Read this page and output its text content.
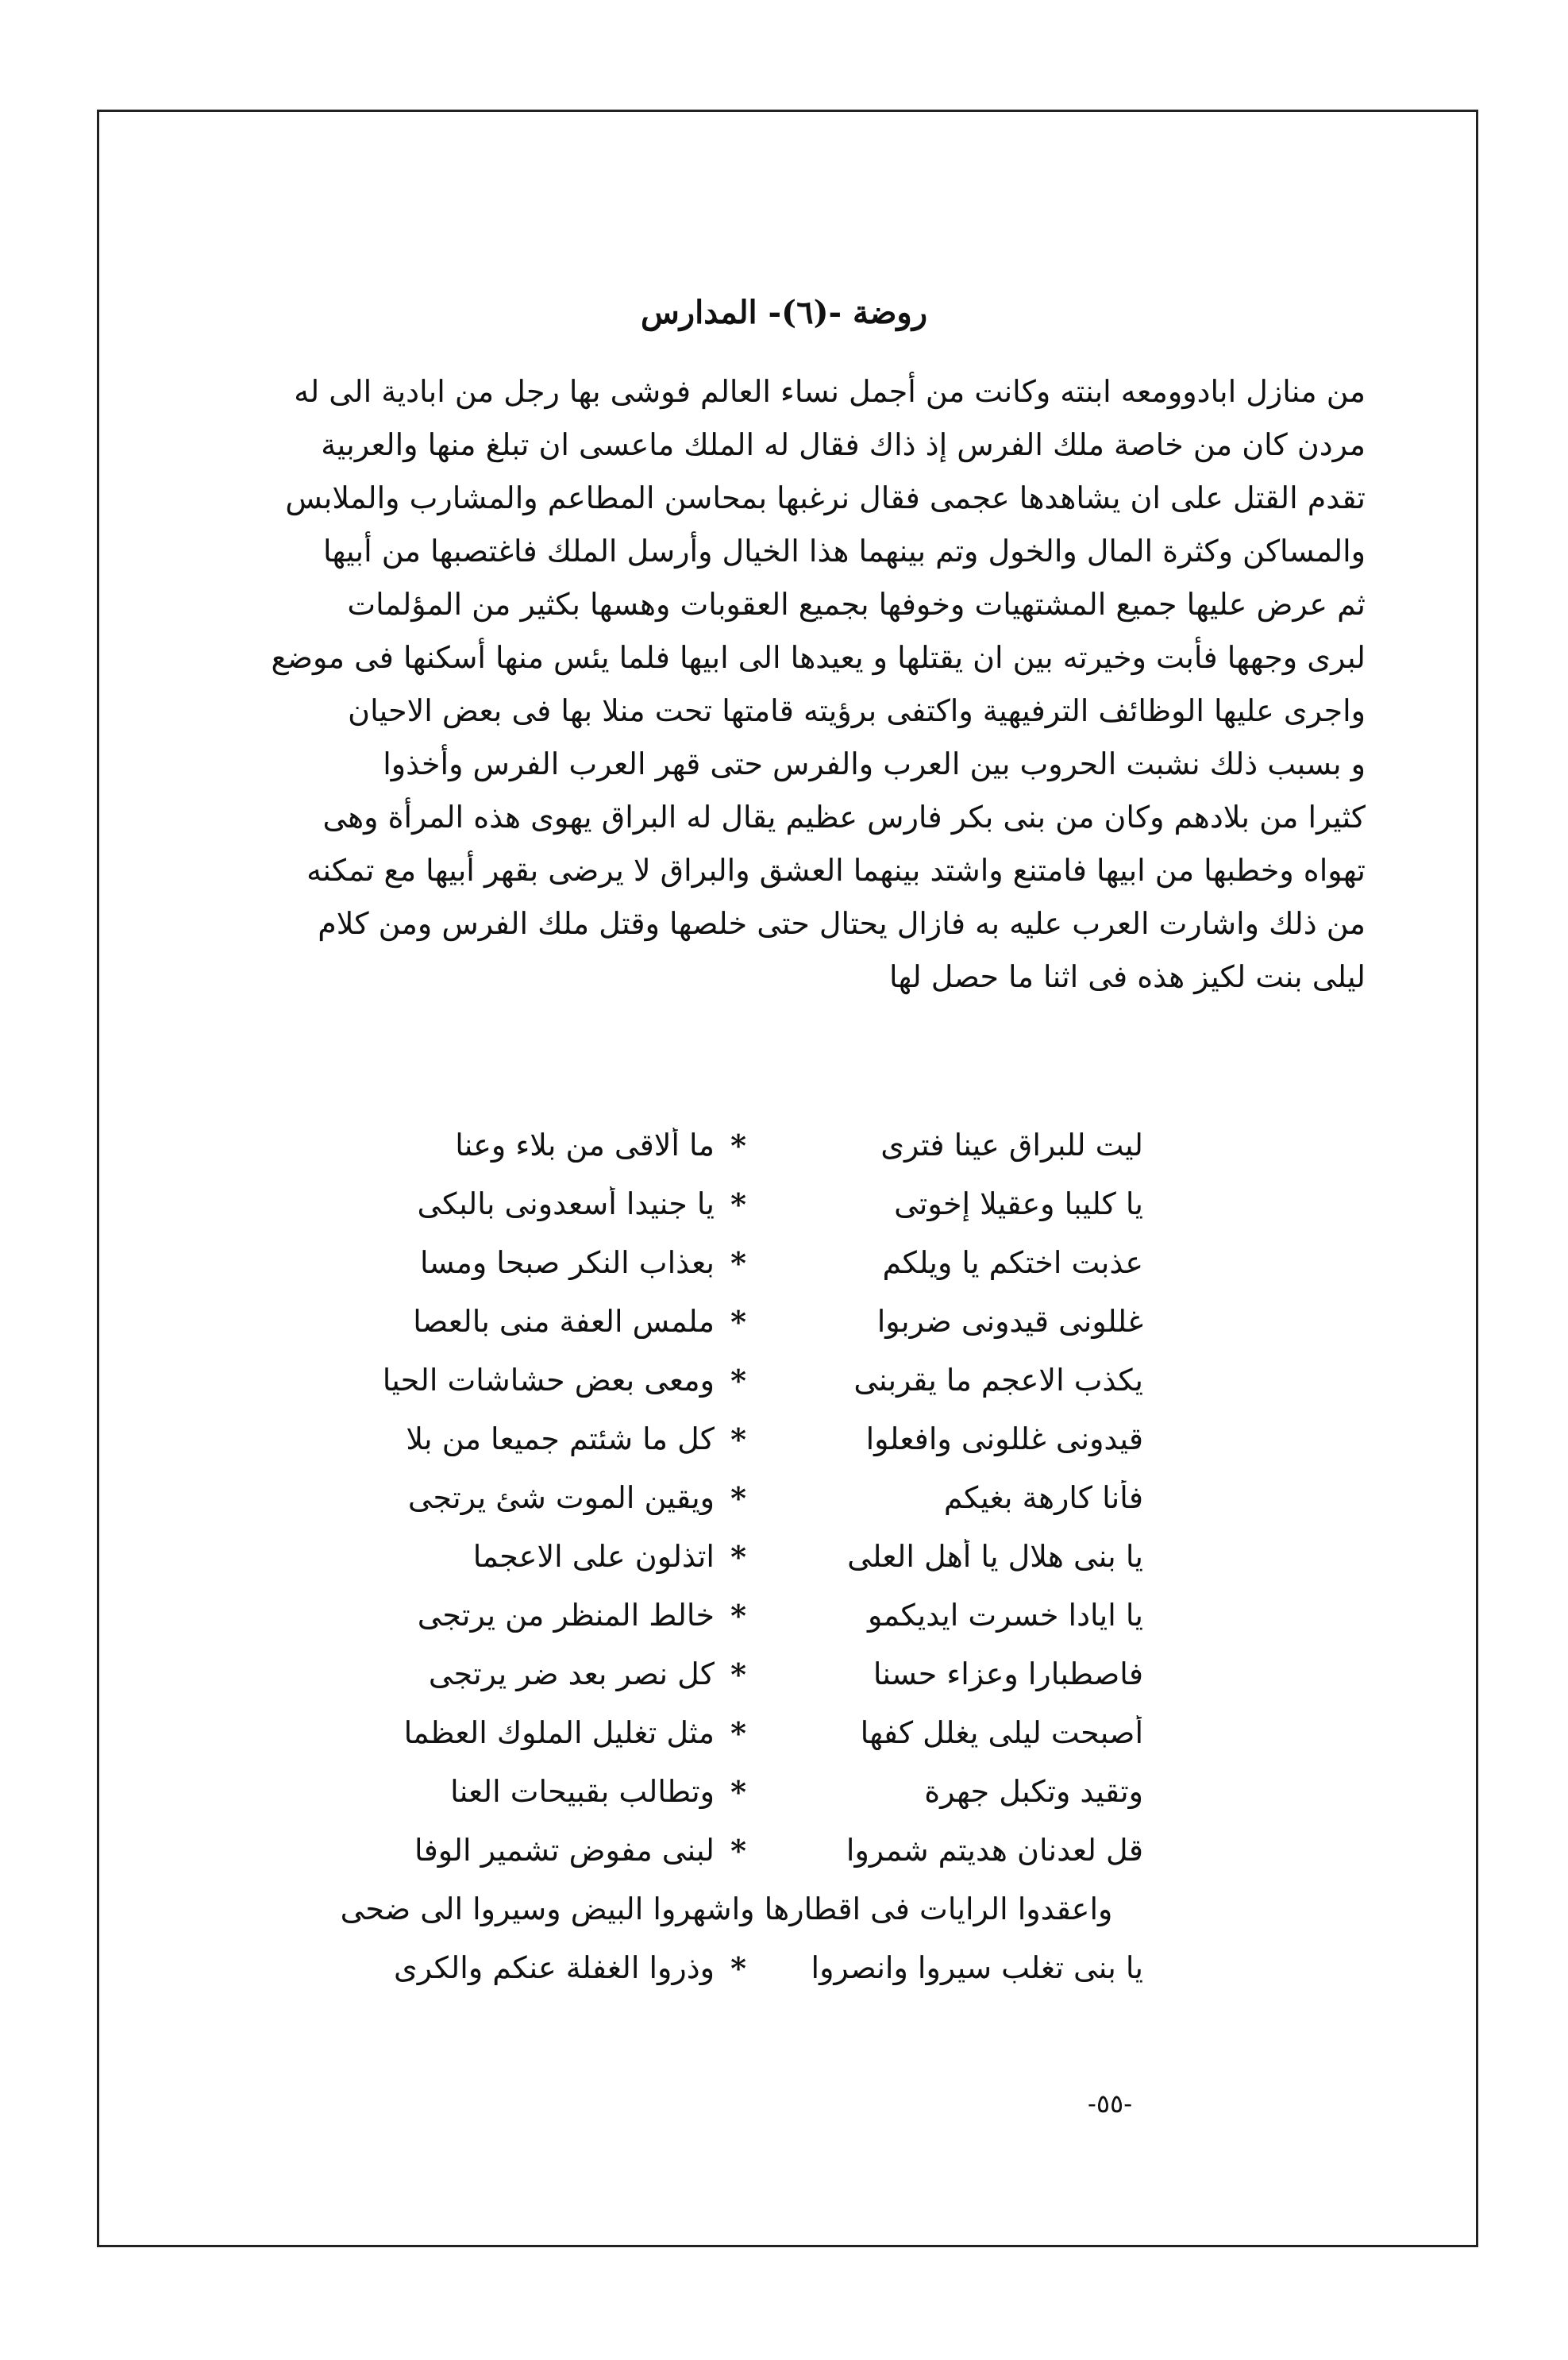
روضة -(٦)- المدارس
من منازل ابادوومعه ابنته وكانت من أجمل نساء العالم فوشى بها رجل من ابادية الى له
مردن كان من خاصة ملك الفرس إذ ذاك فقال له الملك ماعسى ان تبلغ منها والعربية
تقدم القتل على ان يشاهدها عجمى فقال نرغبها بمحاسن المطاعم والمشارب والملابس
والمساكن وكثرة المال والخول وتم بينهما هذا الخيال وأرسل الملك فاغتصبها من أبيها
ثم عرض عليها جميع المشتهيات وخوفها بجميع العقوبات وهسها بكثير من المؤلمات
لبرى وجهها فأبت وخيرته بين ان يقتلها و يعيدها الى ابيها فلما يئس منها أسكنها فى موضع
واجرى عليها الوظائف الترفيهية واكتفى برؤيته قامتها تحت منلا بها فى بعض الاحيان
و بسبب ذلك نشبت الحروب بين العرب والفرس حتى قهر العرب الفرس وأخذوا
كثيرا من بلادهم وكان من بنى بكر فارس عظيم يقال له البراق يهوى هذه المرأة وهى
تهواه وخطبها من ابيها فامتنع واشتد بينهما العشق والبراق لا يرضى بقهر أبيها مع تمكنه
من ذلك واشارت العرب عليه به فازال يحتال حتى خلصها وقتل ملك الفرس ومن كلام
ليلى بنت لكيز هذه فى اثنا ما حصل لها
ليت للبراق عينا فترى
*
ما ألاقى من بلاء وعنا
يا كليبا وعقيلا إخوتى
*
يا جنيدا أسعدونى بالبكى
عذبت اختكم يا ويلكم
*
بعذاب النكر صبحا ومسا
غللونى قيدونى ضربوا
*
ملمس العفة منى بالعصا
يكذب الاعجم ما يقربنى
*
ومعى بعض حشاشات الحيا
قيدونى غللونى وافعلوا
*
كل ما شئتم جميعا من بلا
فأنا كارهة بغيكم
*
ويقين الموت شئ يرتجى
يا بنى هلال يا أهل العلى
*
اتذلون على الاعجما
يا ايادا خسرت ايديكمو
*
خالط المنظر من يرتجى
فاصطبارا وعزاء حسنا
*
كل نصر بعد ضر يرتجى
أصبحت ليلى يغلل كفها
*
مثل تغليل الملوك العظما
وتقيد وتكبل جهرة
*
وتطالب بقبيحات العنا
قل لعدنان هديتم شمروا
*
لبنى مفوض تشمير الوفا
واعقدوا الرايات فى اقطارها واشهروا البيض وسيروا الى ضحى
يا بنى تغلب سيروا وانصروا
*
وذروا الغفلة عنكم والكرى
-٥٥-
